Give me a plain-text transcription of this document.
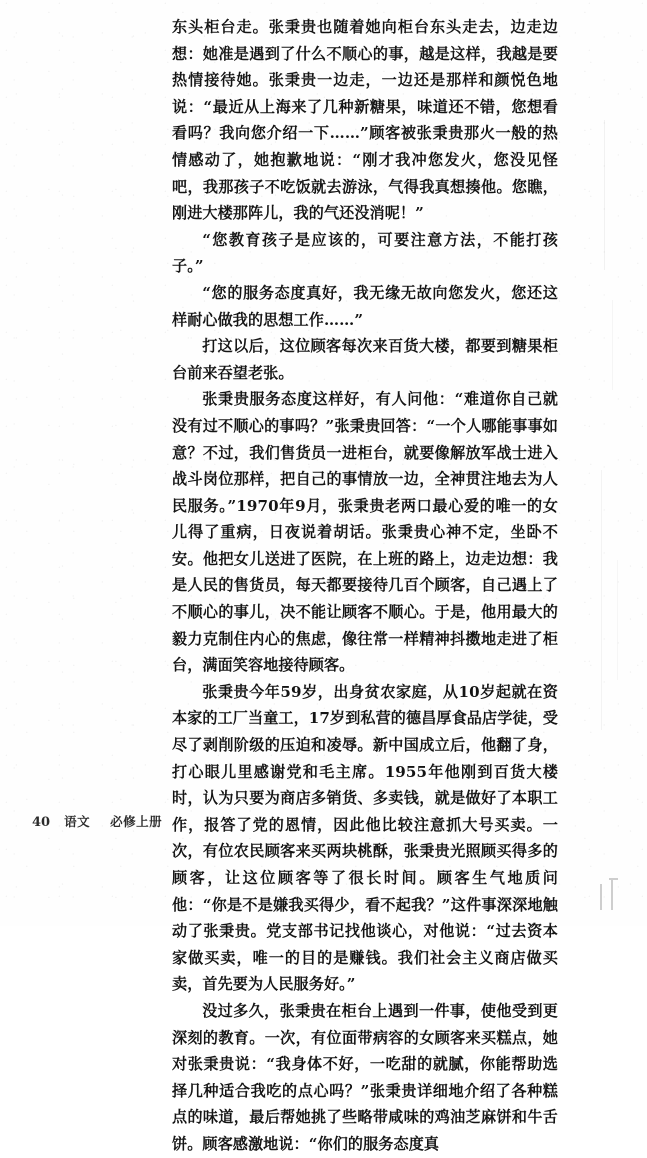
东头柜台走。张秉贵也随着她向柜台东头走去，边走边想：她准是遇到了什么不顺心的事，越是这样，我越是要热情接待她。张秉贵一边走，一边还是那样和颜悦色地说：“最近从上海来了几种新糖果，味道还不错，您想看看吗？我向您介绍一下……”顾客被张秉贵那火一般的热情感动了，她抱歉地说：“刚才我冲您发火，您没见怪吧，我那孩子不吃饭就去游泳，气得我真想揍他。您瞧，刚进大楼那阵儿，我的气还没消呢！”

“您教育孩子是应该的，可要注意方法，不能打孩子。”

“您的服务态度真好，我无缘无故向您发火，您还这样耐心做我的思想工作……”

打这以后，这位顾客每次来百货大楼，都要到糖果柜台前来吞望老张。

张秉贵服务态度这样好，有人问他：“难道你自己就没有过不顺心的事吗？”张秉贵回答：“一个人哪能事事如意？不过，我们售货员一进柜台，就要像解放军战士进入战斗岗位那样，把自己的事情放一边，全神贯注地去为人民服务。”1970年9月，张秉贵老两口最心爱的唯一的女儿得了重病，日夜说着胡话。张秉贵心神不定，坐卧不安。他把女儿送进了医院，在上班的路上，边走边想：我是人民的售货员，每天都要接待几百个顾客，自己遇上了不顺心的事儿，决不能让顾客不顺心。于是，他用最大的毅力克制住内心的焦虑，像往常一样精神抖擞地走进了柜台，满面笑容地接待顾客。

张秉贵今年59岁，出身贫农家庭，从10岁起就在资本家的工厂当童工，17岁到私营的德昌厚食品店学徒，受尽了剥削阶级的压迫和凌辱。新中国成立后，他翻了身，打心眼儿里感谢党和毛主席。1955年他刚到百货大楼时，认为只要为商店多销货、多卖钱，就是做好了本职工作，报答了党的恩情，因此他比较注意抓大号买卖。一次，有位农民顾客来买两块桃酥，张秉贵光照顾买得多的顾客，让这位顾客等了很长时间。顾客生气地质问他：“你是不是嫌我买得少，看不起我？”这件事深深地触动了张秉贵。党支部书记找他谈心，对他说：“过去资本家做买卖，唯一的目的是赚钱。我们社会主义商店做买卖，首先要为人民服务好。”

没过多久，张秉贵在柜台上遇到一件事，使他受到更深刻的教育。一次，有位面带病容的女顾客来买糕点，她对张秉贵说：“我身体不好，一吃甜的就腻，你能帮助选择几种适合我吃的点心吗？”张秉贵详细地介绍了各种糕点的味道，最后帮她挑了些略带咸味的鸡油芝麻饼和牛舌饼。顾客感激地说：“你们的服务态度真

40 语文 必修上册
